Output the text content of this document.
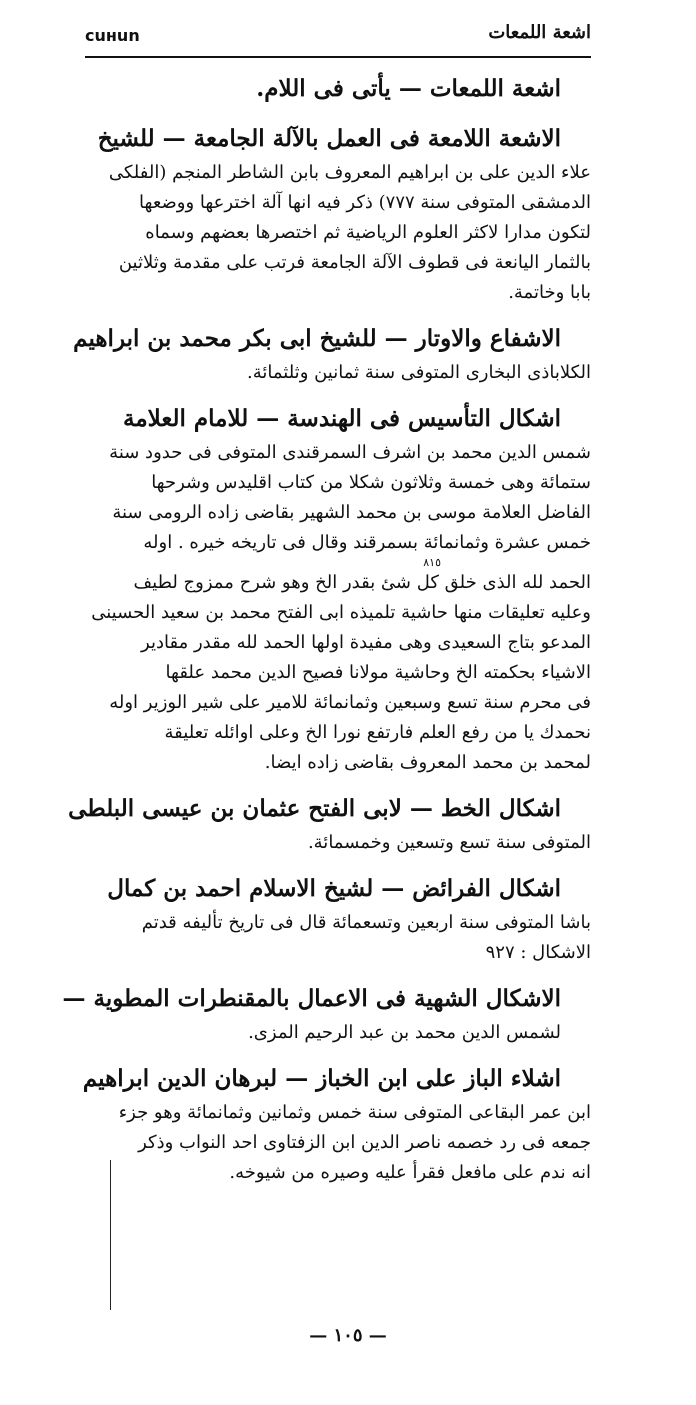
сuнun	اشعة اللمعات
اشعة اللمعات — يأتى فى اللام.
الاشعة اللامعة فى العمل بالآلة الجامعة — للشيخ
علاء الدين على بن ابراهيم المعروف بابن الشاطر المنجم (الفلكى
الدمشقى المتوفى سنة ٧٧٧) ذكر فيه انها آلة اخترعها ووضعها
لتكون مدارا لاكثر العلوم الرياضية ثم اختصرها بعضهم وسماه
بالثمار اليانعة فى قطوف الآلة الجامعة فرتب على مقدمة وثلاثين
بابا وخاتمة.
الاشفاع والاوتار — للشيخ ابى بكر محمد بن ابراهيم
الكلاباذى البخارى المتوفى سنة ثمانين وثلثمائة.
اشكال التأسيس فى الهندسة — للامام العلامة
شمس الدين محمد بن اشرف السمرقندى المتوفى فى حدود سنة
ستمائة وهى خمسة وثلاثون شكلا من كتاب اقليدس وشرحها
الفاضل العلامة موسى بن محمد الشهير بقاضى زاده الرومى سنة
خمس عشرة وثمانمائة بسمرقند وقال فى تاريخه خيره . اوله
٨١٥
الحمد لله الذى خلق كل شئ بقدر الخ وهو شرح ممزوج لطيف
وعليه تعليقات منها حاشية تلميذه ابى الفتح محمد بن سعيد الحسينى
المدعو بتاج السعيدى وهى مفيدة اولها الحمد لله مقدر مقادير
الاشياء بحكمته الخ وحاشية مولانا فصيح الدين محمد علقها
فى محرم سنة تسع وسبعين وثمانمائة للامير على شير الوزير اوله
نحمدك يا من رفع العلم فارتفع نورا الخ وعلى اوائله تعليقة
لمحمد بن محمد المعروف بقاضى زاده ايضا.
اشكال الخط — لابى الفتح عثمان بن عيسى البلطى
المتوفى سنة تسع وتسعين وخمسمائة.
اشكال الفرائض — لشيخ الاسلام احمد بن كمال
باشا المتوفى سنة اربعين وتسعمائة قال فى تاريخ تأليفه قدتم
الاشكال : ٩٢٧
الاشكال الشهية فى الاعمال بالمقنطرات المطوية —
لشمس الدين محمد بن عبد الرحيم المزى.
اشلاء الباز على ابن الخباز — لبرهان الدين ابراهيم
ابن عمر البقاعى المتوفى سنة خمس وثمانين وثمانمائة وهو جزء
جمعه فى رد خصمه ناصر الدين ابن الزفتاوى احد النواب وذكر
انه ندم على مافعل فقرأ عليه وصيره من شيوخه.
— ١٠٥ —
